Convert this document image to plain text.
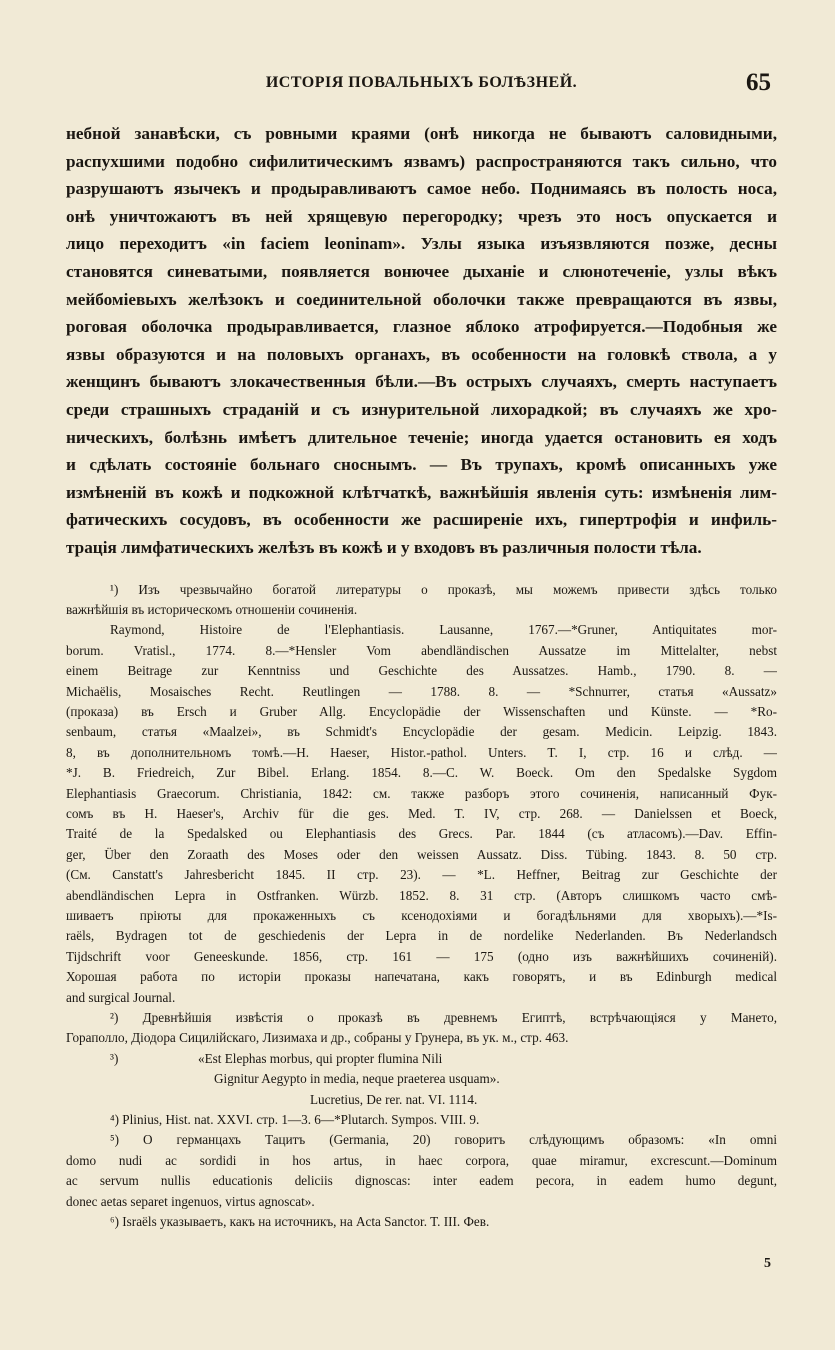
ИСТОРІЯ ПОВАЛЬНЫХЪ БОЛѢЗНЕЙ.	65
небной занавѣски, съ ровными краями (онѣ никогда не бываютъ саловидными,
распухшими подобно сифилитическимъ язвамъ) распространяются такъ сильно, что
разрушаютъ язычекъ и продыравливаютъ самое небо. Поднимаясь въ полость носа,
онѣ уничтожаютъ въ ней хрящевую перегородку; чрезъ это носъ опускается и
лицо переходитъ «in faciem leoninam». Узлы языка изъязвляются позже, десны
становятся синеватыми, появляется вонючее дыханіе и слюнотеченіе, узлы вѣкъ
мейбоміевыхъ желѣзокъ и соединительной оболочки также превращаются въ язвы,
роговая оболочка продыравливается, глазное яблоко атрофируется.—Подобныя же
язвы образуются и на половыхъ органахъ, въ особенности на головкѣ ствола, а у
женщинъ бываютъ злокачественныя бѣли.—Въ острыхъ случаяхъ, смерть наступаетъ
среди страшныхъ страданій и съ изнурительной лихорадкой; въ случаяхъ же хро-
ническихъ, болѣзнь имѣетъ длительное теченіе; иногда удается остановить ея ходъ
и сдѣлать состояніе больнаго сноснымъ. — Въ трупахъ, кромѣ описанныхъ уже
измѣненій въ кожѣ и подкожной клѣтчаткѣ, важнѣйшія явленія суть: измѣненія лим-
фатическихъ сосудовъ, въ особенности же расширеніе ихъ, гипертрофія и инфиль-
трація лимфатическихъ желѣзъ въ кожѣ и у входовъ въ различныя полости тѣла.
¹) Изъ чрезвычайно богатой литературы о проказѣ, мы можемъ привести здѣсь только
важнѣйшія въ историческомъ отношеніи сочиненія.
Raymond, Histoire de l'Elephantiasis. Lausanne, 1767.—*Gruner, Antiquitates mor-
borum. Vratisl., 1774. 8.—*Hensler Vom abendländischen Aussatze im Mittelalter, nebst
einem Beitrage zur Kenntniss und Geschichte des Aussatzes. Hamb., 1790. 8. —
Michaëlis, Mosaisches Recht. Reutlingen — 1788. 8. — *Schnurrer, статья «Aussatz»
(проказа) въ Ersch и Gruber Allg. Encyclopädie der Wissenschaften und Künste. — *Ro-
senbaum, статья «Maalzei», въ Schmidt's Encyclopädie der gesam. Medicin. Leipzig. 1843.
8, въ дополнительномъ томѣ.—H. Haeser, Histor.-pathol. Unters. T. I, стр. 16 и слѣд. —
*J. B. Friedreich, Zur Bibel. Erlang. 1854. 8.—C. W. Boeck. Om den Spedalske Sygdom
Elephantiasis Graecorum. Christiania, 1842: см. также разборъ этого сочиненія, написанный Фук-
сомъ въ H. Haeser's, Archiv für die ges. Med. T. IV, стр. 268. — Danielssen et Boeck,
Traité de la Spedalsked ou Elephantiasis des Grecs. Par. 1844 (съ атласомъ).—Dav. Effin-
ger, Über den Zoraath des Moses oder den weissen Aussatz. Diss. Tübing. 1843. 8. 50 стр.
(См. Canstatt's Jahresbericht 1845. II стр. 23). — *L. Heffner, Beitrag zur Geschichte der
abendländischen Lepra in Ostfranken. Würzb. 1852. 8. 31 стр. (Авторъ слишкомъ часто смѣ-
шиваетъ пріюты для прокаженныхъ съ ксенодохіями и богадѣльнями для хворыхъ).—*Is-
raëls, Bydragen tot de geschiedenis der Lepra in de nordelike Nederlanden. Въ Nederlandsch
Tijdschrift voor Geneeskunde. 1856, стр. 161 — 175 (одно изъ важнѣйшихъ сочиненій).
Хорошая работа по исторіи проказы напечатана, какъ говорятъ, и въ Edinburgh medical
and surgical Journal.
²) Древнѣйшія извѣстія о проказѣ въ древнемъ Египтѣ, встрѣчающіяся у Манетo,
Гораполлo, Діодора Сицилійскаго, Лизимаха и др., собраны у Грунера, въ ук. м., стр. 463.
³)	«Est Elephas morbus, qui propter flumina Nili
Gignitur Aegypto in media, neque praeterea usquam».
Lucretius, De rer. nat. VI. 1114.
⁴) Plinius, Hist. nat. XXVI. стр. 1—3. 6—*Plutarch. Sympos. VIII. 9.
⁵) О германцахъ Тацитъ (Germania, 20) говоритъ слѣдующимъ образомъ: «In omni
domo nudi ac sordidi in hos artus, in haec corpora, quae miramur, excrescunt.—Dominum
ac servum nullis educationis deliciis dignoscas: inter eadem pecora, in eadem humo degunt,
donec aetas separet ingenuos, virtus agnoscat».
⁶) Israëls указываетъ, какъ на источникъ, на Acta Sanctor. T. III. Фев.
5
